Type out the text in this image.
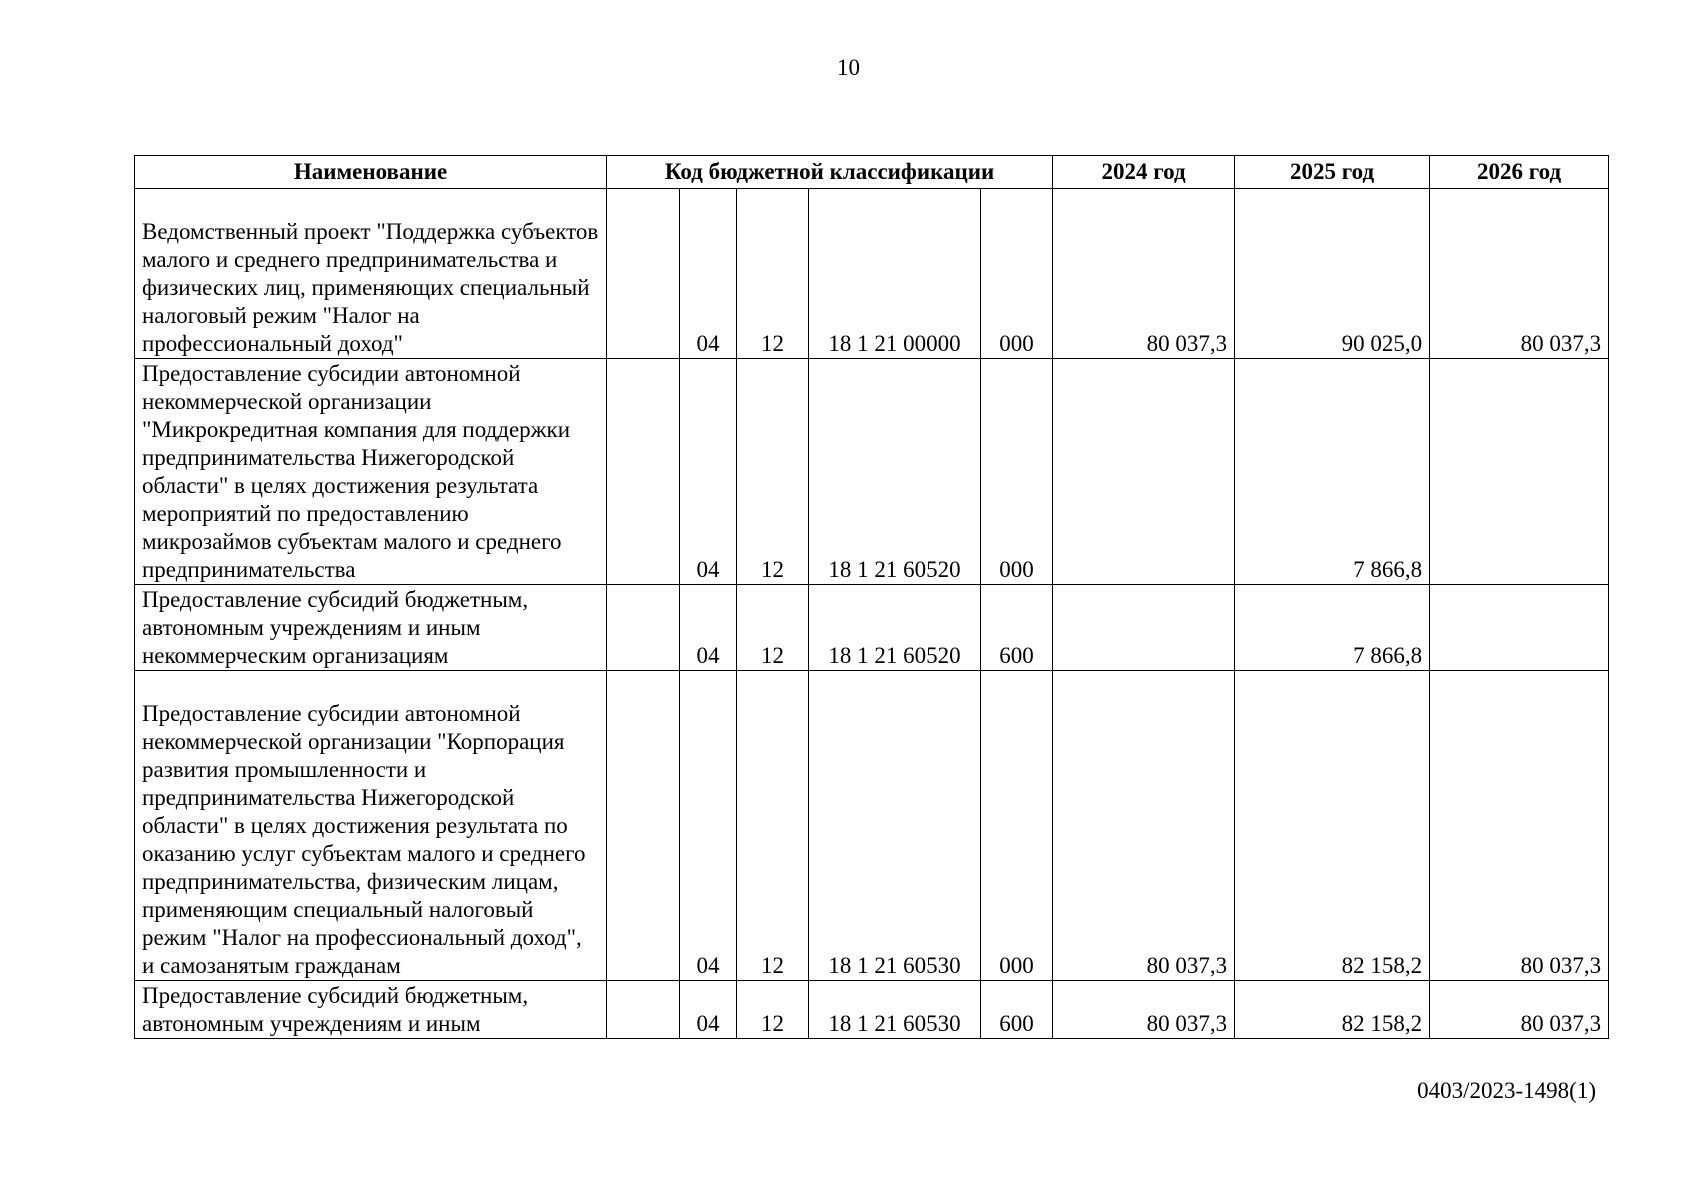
10
Наименование	Код бюджетной классификации					2024 год	2025 год	2026 год
Ведомственный проект "Поддержка субъектов малого и среднего предпринимательства и физических лиц, применяющих специальный налоговый режим "Налог на профессиональный доход"		04	12	18 1 21 00000	000	80 037,3	90 025,0	80 037,3
Предоставление субсидии автономной некоммерческой организации "Микрокредитная компания для поддержки предпринимательства Нижегородской области" в целях достижения результата мероприятий по предоставлению микрозаймов субъектам малого и среднего предпринимательства		04	12	18 1 21 60520	000		7 866,8	
Предоставление субсидий бюджетным, автономным учреждениям и иным некоммерческим организациям		04	12	18 1 21 60520	600		7 866,8	
Предоставление субсидии автономной некоммерческой организации "Корпорация развития промышленности и предпринимательства Нижегородской области" в целях достижения результата по оказанию услуг субъектам малого и среднего предпринимательства, физическим лицам, применяющим специальный налоговый режим "Налог на профессиональный доход", и самозанятым гражданам		04	12	18 1 21 60530	000	80 037,3	82 158,2	80 037,3
Предоставление субсидий бюджетным, автономным учреждениям и иным		04	12	18 1 21 60530	600	80 037,3	82 158,2	80 037,3
0403/2023-1498(1)
